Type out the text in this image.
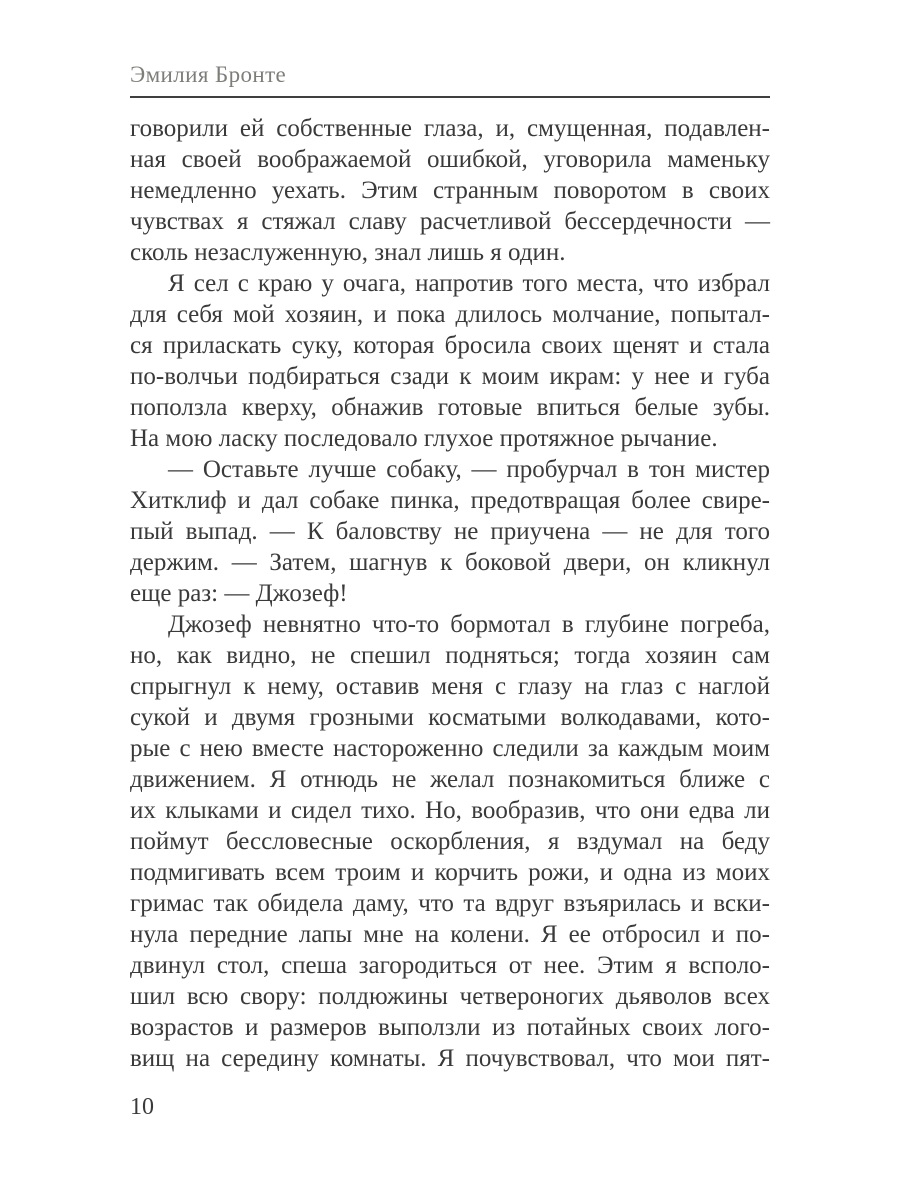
Эмилия Бронте
говорили ей собственные глаза, и, смущенная, подавлен-
ная своей воображаемой ошибкой, уговорила маменьку
немедленно уехать. Этим странным поворотом в своих
чувствах я стяжал славу расчетливой бессердечности —
сколь незаслуженную, знал лишь я один.
Я сел с краю у очага, напротив того места, что избрал
для себя мой хозяин, и пока длилось молчание, попытал-
ся приласкать суку, которая бросила своих щенят и стала
по-волчьи подбираться сзади к моим икрам: у нее и губа
поползла кверху, обнажив готовые впиться белые зубы.
На мою ласку последовало глухое протяжное рычание.
— Оставьте лучше собаку, — пробурчал в тон мистер
Хитклиф и дал собаке пинка, предотвращая более свире-
пый выпад. — К баловству не приучена — не для того
держим. — Затем, шагнув к боковой двери, он кликнул
еще раз: — Джозеф!
Джозеф невнятно что-то бормотал в глубине погреба,
но, как видно, не спешил подняться; тогда хозяин сам
спрыгнул к нему, оставив меня с глазу на глаз с наглой
сукой и двумя грозными косматыми волкодавами, кото-
рые с нею вместе настороженно следили за каждым моим
движением. Я отнюдь не желал познакомиться ближе с
их клыками и сидел тихо. Но, вообразив, что они едва ли
поймут бессловесные оскорбления, я вздумал на беду
подмигивать всем троим и корчить рожи, и одна из моих
гримас так обидела даму, что та вдруг взъярилась и вски-
нула передние лапы мне на колени. Я ее отбросил и по-
двинул стол, спеша загородиться от нее. Этим я всполо-
шил всю свору: полдюжины четвероногих дьяволов всех
возрастов и размеров выползли из потайных своих лого-
вищ на середину комнаты. Я почувствовал, что мои пят-
10
